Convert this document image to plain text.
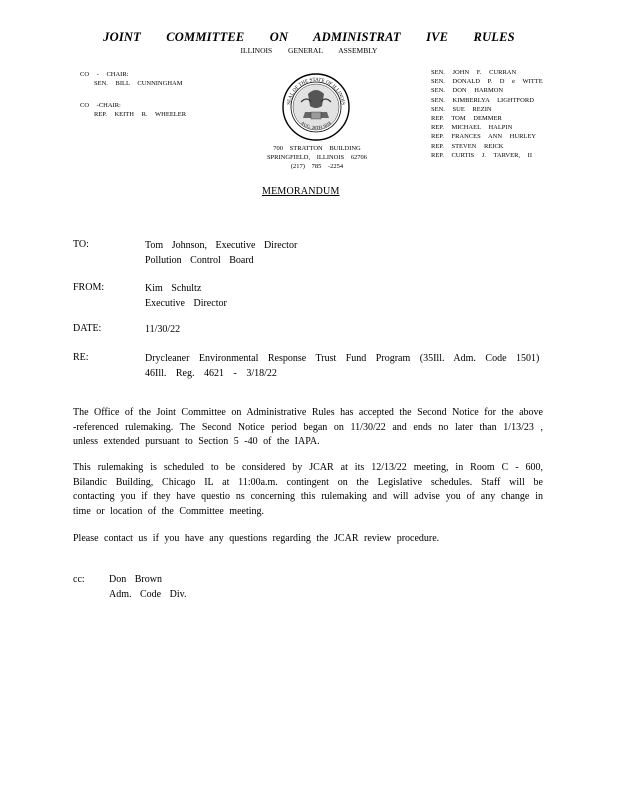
JOINT COMMITTEE ON ADMINISTRAT IVE RULES
ILLINOIS GENERAL ASSEMBLY
CO - CHAIR:
SEN. BILL CUNNINGHAM
CO -CHAIR:
REP. KEITH R. WHEELER
SEAL OF THE STATE OF ILLINOIS
AUG. 26TH 1818
700 STRATTON BUILDING
SPRINGFIELD, ILLINOIS 62706
(217) 785 -2254
SEN. JOHN F. CURRAN
SEN. DONALD P. D e WITTE
SEN. DON HARMON
SEN. KIMBERLYA LIGHTFORD
SEN. SUE REZIN
REP. TOM DEMMER
REP. MICHAEL HALPIN
REP. FRANCES ANN HURLEY
REP. STEVEN REICK
REP. CURTIS J. TARVER, II
MEMORANDUM
TO:	Tom Johnson, Executive Director
Pollution Control Board
FROM:	Kim Schultz
Executive Director
DATE:	11/30/22
RE:	Drycleaner Environmental Response Trust Fund Program (35Ill. Adm. Code 1501)
46Ill. Reg. 4621 - 3/18/22
The Office of the Joint Committee on Administrative Rules has accepted the Second Notice for the above -referenced rulemaking. The Second Notice period began on 11/30/22 and ends no later than 1/13/23 , unless extended pursuant to Section 5 -40 of the IAPA.
This rulemaking is scheduled to be considered by JCAR at its 12/13/22 meeting, in Room C - 600, Bilandic Building, Chicago IL at 11:00a.m. contingent on the Legislative schedules. Staff will be contacting you if they have questio ns concerning this rulemaking and will advise you of any change in time or location of the Committee meeting.
Please contact us if you have any questions regarding the JCAR review procedure.
cc: Don Brown
Adm. Code Div.
